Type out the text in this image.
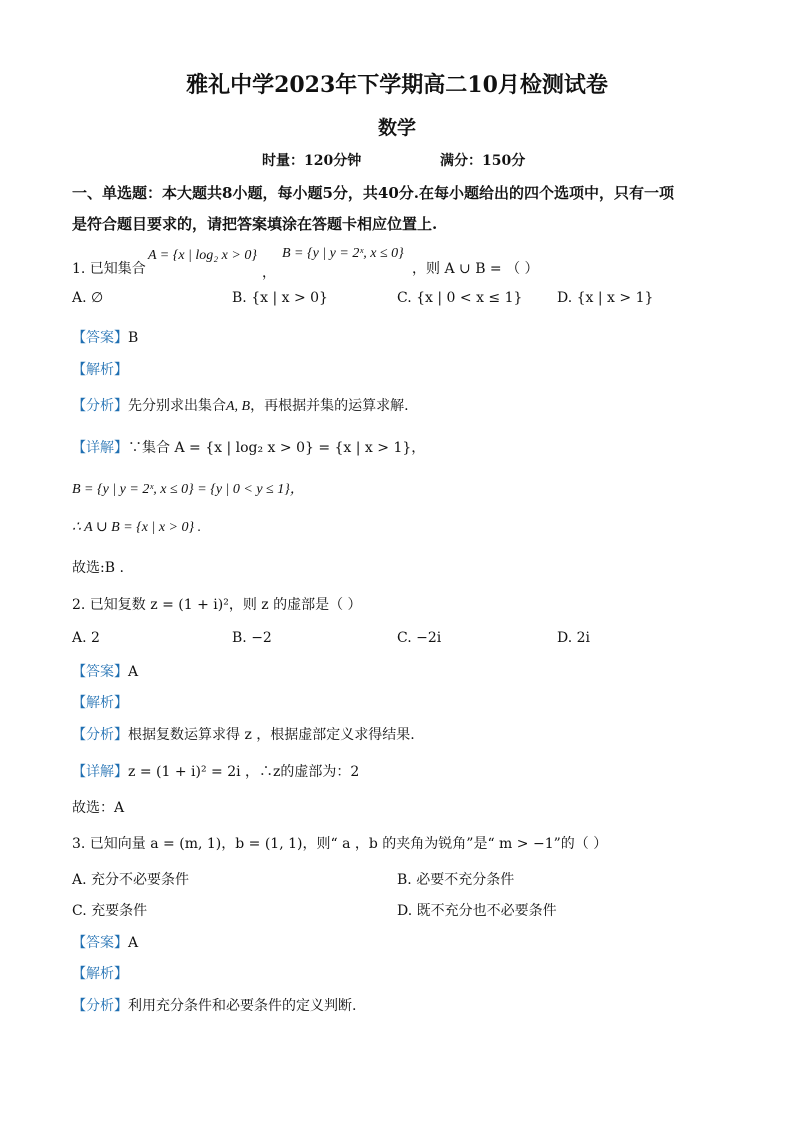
雅礼中学2023年下学期高二10月检测试卷
数学
时量：120分钟	满分：150分
一、单选题：本大题共8小题，每小题5分，共40分.在每小题给出的四个选项中，只有一项
是符合题目要求的，请把答案填涂在答题卡相应位置上.
1. 已知集合
A = {x | log₂ x > 0}
，
B = {y | y = 2ˣ, x ≤ 0}
，则 A ∪ B = （ ）
A. ∅	B. {x | x > 0}	C. {x | 0 < x ≤ 1} D. {x | x > 1}
【答案】B
【解析】
【分析】先分别求出集合A, B，再根据并集的运算求解.
【详解】∵集合 A = {x | log₂ x > 0} = {x | x > 1}，
B = {y | y = 2ˣ, x ≤ 0} = {y | 0 < y ≤ 1}，
∴ A ∪ B = {x | x > 0} .
故选:B .
2. 已知复数 z = (1 + i)²，则 z 的虚部是（ ）
A. 2	B. −2	C. −2i	D. 2i
【答案】A
【解析】
【分析】根据复数运算求得 z ，根据虚部定义求得结果.
【详解】z = (1 + i)² = 2i ，∴z的虚部为：2
故选：A
3. 已知向量 a = (m, 1)，b = (1, 1)，则“ a ，b 的夹角为锐角”是“ m > −1”的（ ）
A. 充分不必要条件	B. 必要不充分条件
C. 充要条件	D. 既不充分也不必要条件
【答案】A
【解析】
【分析】利用充分条件和必要条件的定义判断.
